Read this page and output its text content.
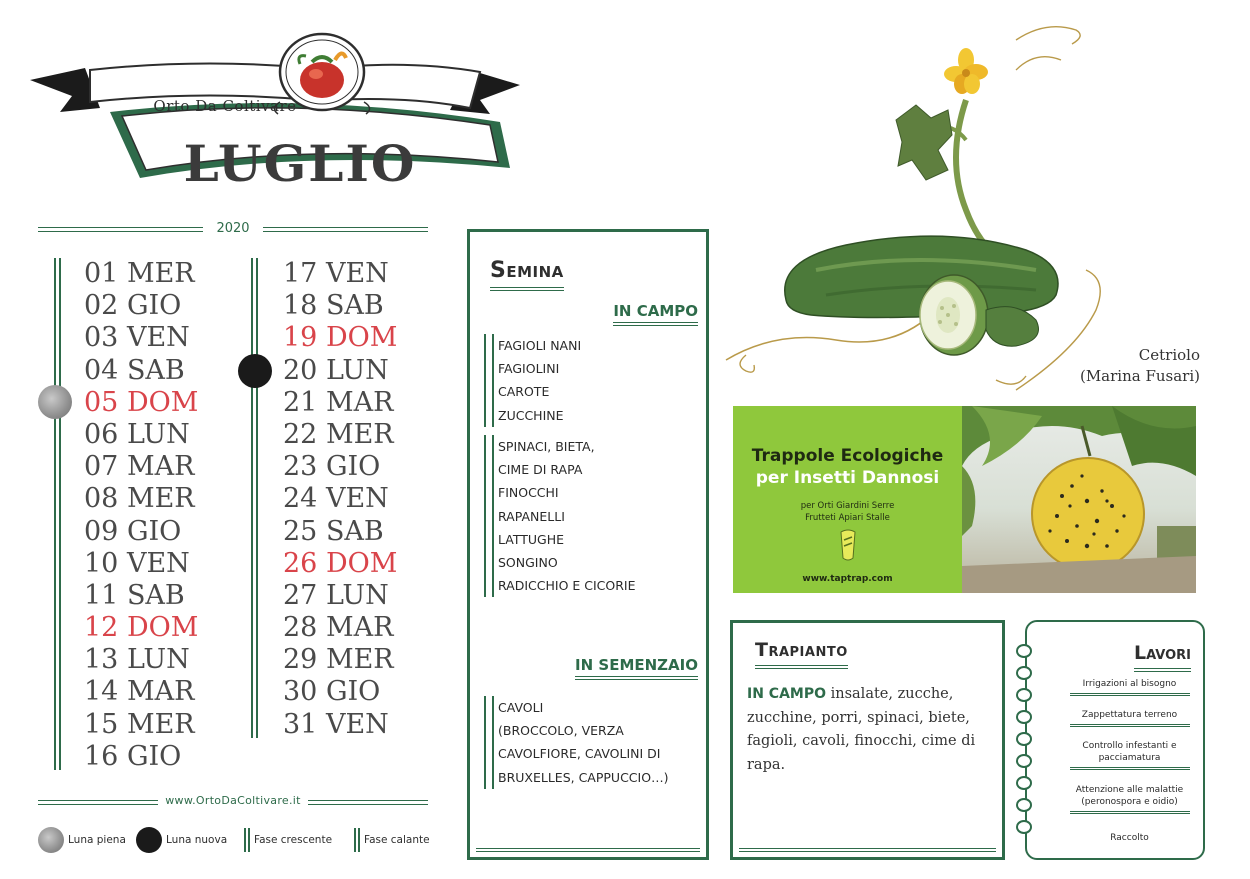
Orto Da Coltivare
LUGLIO
2020
01 MER
02 GIO
03 VEN
04 SAB
05 DOM
06 LUN
07 MAR
08 MER
09 GIO
10 VEN
11 SAB
12 DOM
13 LUN
14 MAR
15 MER
16 GIO
17 VEN
18 SAB
19 DOM
20 LUN
21 MAR
22 MER
23 GIO
24 VEN
25 SAB
26 DOM
27 LUN
28 MAR
29 MER
30 GIO
31 VEN
www.OrtoDaColtivare.it
Luna piena	Luna nuova	Fase crescente	Fase calante
Semina
IN CAMPO
FAGIOLI NANI
FAGIOLINI
CAROTE
ZUCCHINE
SPINACI, BIETA,
CIME DI RAPA
FINOCCHI
RAPANELLI
LATTUGHE
SONGINO
RADICCHIO E CICORIE
IN SEMENZAIO
CAVOLI
(BROCCOLO, VERZA
CAVOLFIORE, CAVOLINI DI
BRUXELLES, CAPPUCCIO…)
Cetriolo
(Marina Fusari)
Trappole Ecologiche
per Insetti Dannosi
per Orti Giardini Serre
Frutteti Apiari Stalle
www.taptrap.com
Trapianto
IN CAMPO insalate, zucche, zucchine, porri, spinaci, biete, fagioli, cavoli, finocchi, cime di rapa.
Lavori
Irrigazioni al bisogno
Zappettatura terreno
Controllo infestanti e pacciamatura
Attenzione alle malattie (peronospora e oidio)
Raccolto
